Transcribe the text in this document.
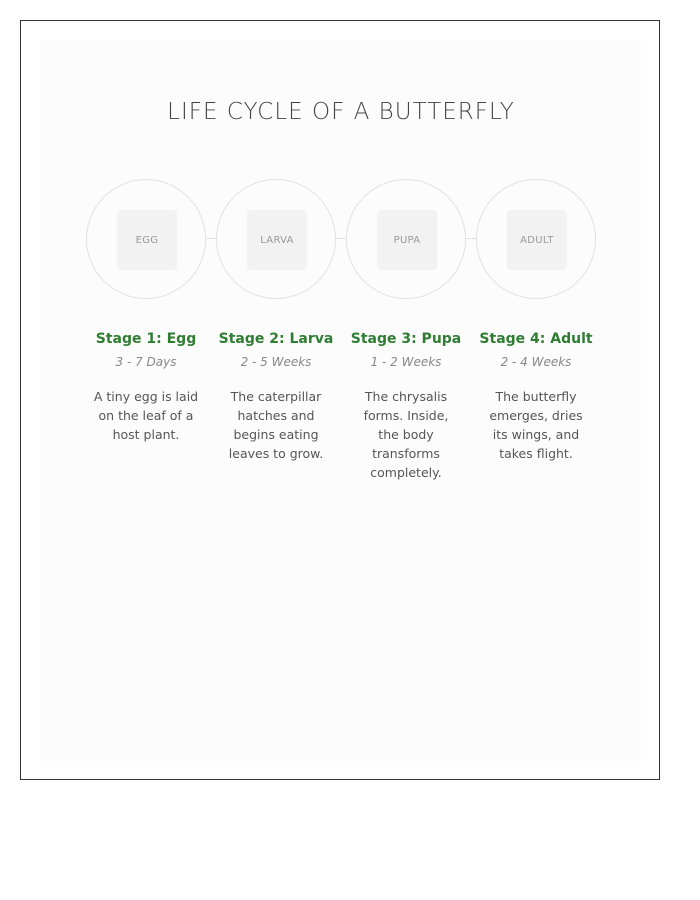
LIFE CYCLE OF A BUTTERFLY
EGG	LARVA	PUPA	ADULT
Stage 1: Egg
3 - 7 Days
A tiny egg is laid on the leaf of a host plant.
Stage 2: Larva
2 - 5 Weeks
The caterpillar hatches and begins eating leaves to grow.
Stage 3: Pupa
1 - 2 Weeks
The chrysalis forms. Inside, the body transforms completely.
Stage 4: Adult
2 - 4 Weeks
The butterfly emerges, dries its wings, and takes flight.
